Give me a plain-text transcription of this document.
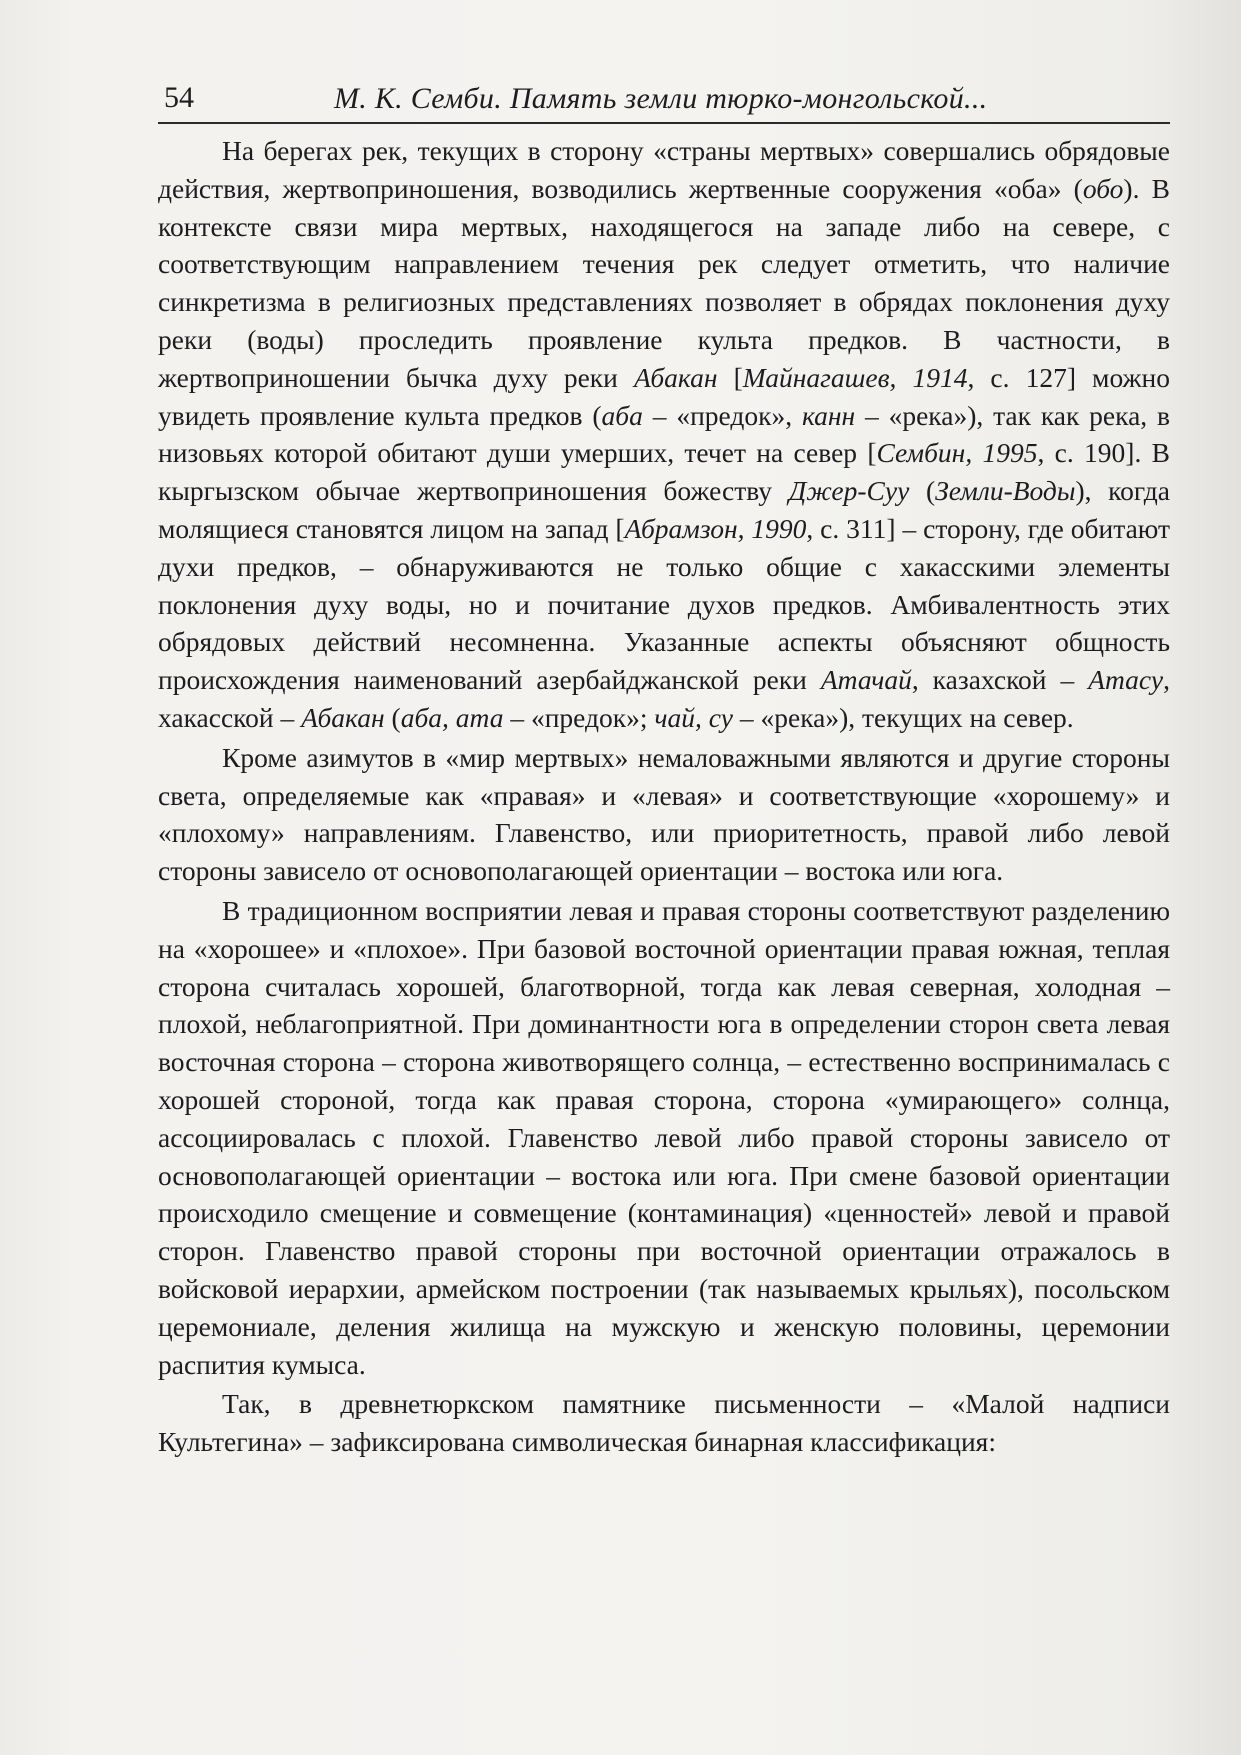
54	М. К. Семби. Память земли тюрко-монгольской...

На берегах рек, текущих в сторону «страны мертвых» совершались обрядовые действия, жертвоприношения, возводились жертвенные сооружения «оба» (обо). В контексте связи мира мертвых, находящегося на западе либо на севере, с соответствующим направлением течения рек следует отметить, что наличие синкретизма в религиозных представлениях позволяет в обрядах поклонения духу реки (воды) проследить проявление культа предков. В частности, в жертвоприношении бычка духу реки Абакан [Майнагашев, 1914, с. 127] можно увидеть проявление культа предков (аба – «предок», канн – «река»), так как река, в низовьях которой обитают души умерших, течет на север [Сембин, 1995, с. 190]. В кыргызском обычае жертвоприношения божеству Джер-Суу (Земли-Воды), когда молящиеся становятся лицом на запад [Абрамзон, 1990, с. 311] – сторону, где обитают духи предков, – обнаруживаются не только общие с хакасскими элементы поклонения духу воды, но и почитание духов предков. Амбивалентность этих обрядовых действий несомненна. Указанные аспекты объясняют общность происхождения наименований азербайджанской реки Атачай, казахской – Атасу, хакасской – Абакан (аба, ата – «предок»; чай, су – «река»), текущих на север.

Кроме азимутов в «мир мертвых» немаловажными являются и другие стороны света, определяемые как «правая» и «левая» и соответствующие «хорошему» и «плохому» направлениям. Главенство, или приоритетность, правой либо левой стороны зависело от основополагающей ориентации – востока или юга.

В традиционном восприятии левая и правая стороны соответствуют разделению на «хорошее» и «плохое». При базовой восточной ориентации правая южная, теплая сторона считалась хорошей, благотворной, тогда как левая северная, холодная – плохой, неблагоприятной. При доминантности юга в определении сторон света левая восточная сторона – сторона животворящего солнца, – естественно воспринималась с хорошей стороной, тогда как правая сторона, сторона «умирающего» солнца, ассоциировалась с плохой. Главенство левой либо правой стороны зависело от основополагающей ориентации – востока или юга. При смене базовой ориентации происходило смещение и совмещение (контаминация) «ценностей» левой и правой сторон. Главенство правой стороны при восточной ориентации отражалось в войсковой иерархии, армейском построении (так называемых крыльях), посольском церемониале, деления жилища на мужскую и женскую половины, церемонии распития кумыса.

Так, в древнетюркском памятнике письменности – «Малой надписи Культегина» – зафиксирована символическая бинарная классификация:
